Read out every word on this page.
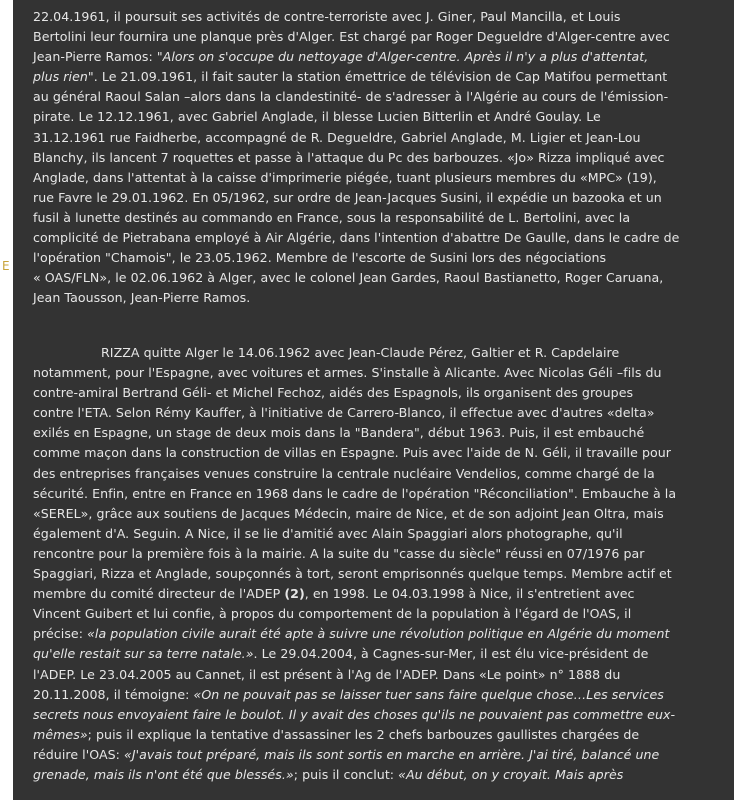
E
22.04.1961, il poursuit ses activités de contre-terroriste avec J. Giner, Paul Mancilla, et Louis
Bertolini leur fournira une planque près d'Alger. Est chargé par Roger Degueldre d'Alger-centre avec
Jean-Pierre Ramos: "Alors on s'occupe du nettoyage d'Alger-centre. Après il n'y a plus d'attentat,
plus rien". Le 21.09.1961, il fait sauter la station émettrice de télévision de Cap Matifou permettant
au général Raoul Salan –alors dans la clandestinité- de s'adresser à l'Algérie au cours de l'émission-
pirate. Le 12.12.1961, avec Gabriel Anglade, il blesse Lucien Bitterlin et André Goulay. Le
31.12.1961 rue Faidherbe, accompagné de R. Degueldre, Gabriel Anglade, M. Ligier et Jean-Lou
Blanchy, ils lancent 7 roquettes et passe à l'attaque du Pc des barbouzes. «Jo» Rizza impliqué avec
Anglade, dans l'attentat à la caisse d'imprimerie piégée, tuant plusieurs membres du «MPC» (19),
rue Favre le 29.01.1962. En 05/1962, sur ordre de Jean-Jacques Susini, il expédie un bazooka et un
fusil à lunette destinés au commando en France, sous la responsabilité de L. Bertolini, avec la
complicité de Pietrabana employé à Air Algérie, dans l'intention d'abattre De Gaulle, dans le cadre de
l'opération "Chamois", le 23.05.1962. Membre de l'escorte de Susini lors des négociations
« OAS/FLN», le 02.06.1962 à Alger, avec le colonel Jean Gardes, Raoul Bastianetto, Roger Caruana,
Jean Taousson, Jean-Pierre Ramos.
RIZZA quitte Alger le 14.06.1962 avec Jean-Claude Pérez, Galtier et R. Capdelaire
notamment, pour l'Espagne, avec voitures et armes. S'installe à Alicante. Avec Nicolas Géli –fils du
contre-amiral Bertrand Géli- et Michel Fechoz, aidés des Espagnols, ils organisent des groupes
contre l'ETA. Selon Rémy Kauffer, à l'initiative de Carrero-Blanco, il effectue avec d'autres «delta»
exilés en Espagne, un stage de deux mois dans la "Bandera", début 1963. Puis, il est embauché
comme maçon dans la construction de villas en Espagne. Puis avec l'aide de N. Géli, il travaille pour
des entreprises françaises venues construire la centrale nucléaire Vendelios, comme chargé de la
sécurité. Enfin, entre en France en 1968 dans le cadre de l'opération "Réconciliation". Embauche à la
«SEREL», grâce aux soutiens de Jacques Médecin, maire de Nice, et de son adjoint Jean Oltra, mais
également d'A. Seguin. A Nice, il se lie d'amitié avec Alain Spaggiari alors photographe, qu'il
rencontre pour la première fois à la mairie. A la suite du "casse du siècle" réussi en 07/1976 par
Spaggiari, Rizza et Anglade, soupçonnés à tort, seront emprisonnés quelque temps. Membre actif et
membre du comité directeur de l'ADEP (2), en 1998. Le 04.03.1998 à Nice, il s'entretient avec
Vincent Guibert et lui confie, à propos du comportement de la population à l'égard de l'OAS, il
précise: «la population civile aurait été apte à suivre une révolution politique en Algérie du moment
qu'elle restait sur sa terre natale.». Le 29.04.2004, à Cagnes-sur-Mer, il est élu vice-président de
l'ADEP. Le 23.04.2005 au Cannet, il est présent à l'Ag de l'ADEP. Dans «Le point» n° 1888 du
20.11.2008, il témoigne: «On ne pouvait pas se laisser tuer sans faire quelque chose…Les services
secrets nous envoyaient faire le boulot. Il y avait des choses qu'ils ne pouvaient pas commettre eux-
mêmes»; puis il explique la tentative d'assassiner les 2 chefs barbouzes gaullistes chargées de
réduire l'OAS: «J'avais tout préparé, mais ils sont sortis en marche en arrière. J'ai tiré, balancé une
grenade, mais ils n'ont été que blessés.»; puis il conclut: «Au début, on y croyait. Mais après
